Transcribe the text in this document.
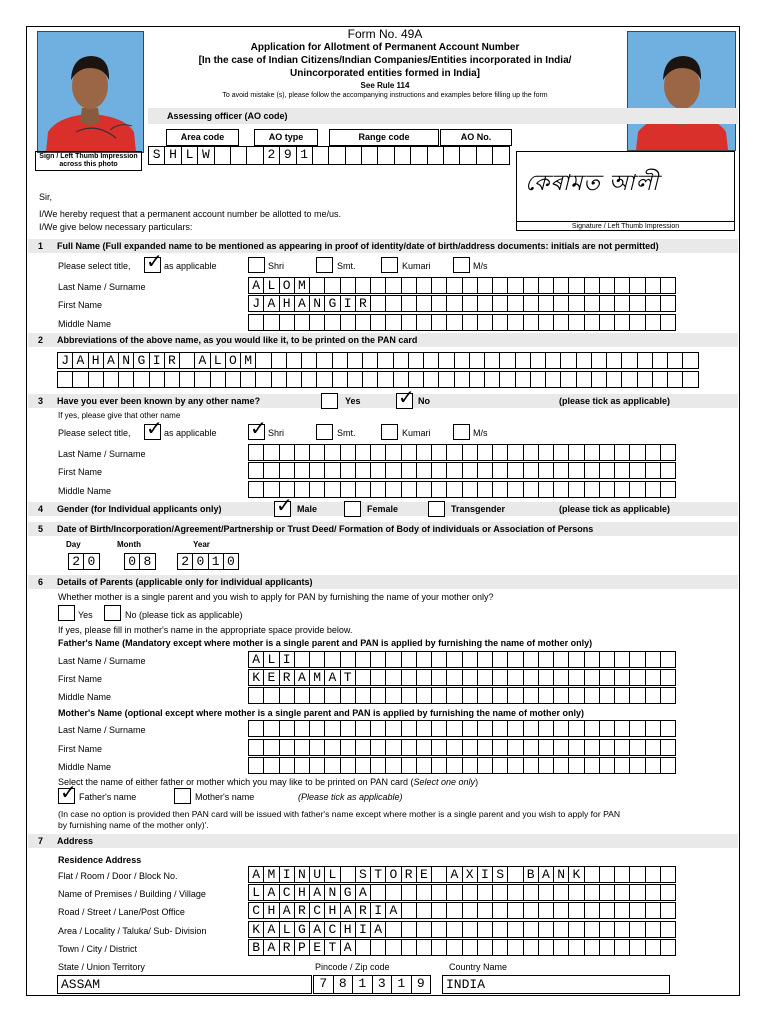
Sign / Left Thumb Impression across this photo
Form No. 49A
Application for Allotment of Permanent Account Number
[In the case of Indian Citizens/Indian Companies/Entities incorporated in India/
Unincorporated entities formed in India]
See Rule 114
To avoid mistake (s), please follow the accompanying instructions and examples before filling up the form
Assessing officer (AO code)
Area code	AO type	Range code	AO No.
S H L W	2 9 1
কেৰামত আলী
Signature / Left Thumb Impression
Sir,
I/We hereby request that a permanent account number be allotted to me/us.
I/We give below necessary particulars:
1 Full Name (Full expanded name to be mentioned as appearing in proof of identity/date of birth/address documents: initials are not permitted)
Please select title, ✓ as applicable	Shri	Smt.	Kumari	M/s
Last Name / Surname	A L O M
First Name	J A H A N G I R
Middle Name
2 Abbreviations of the above name, as you would like it, to be printed on the PAN card
J A H A N G I R	A L O M
3 Have you ever been known by any other name?	(please tick as applicable)
Yes ✓ No
If yes, please give that other name
Please select title, ✓ as applicable ✓ Shri	Smt.	Kumari	M/s
Last Name / Surname
First Name
Middle Name
4 Gender (for Individual applicants only)	(please tick as applicable)
✓ Male	Female	Transgender
5 Date of Birth/Incorporation/Agreement/Partnership or Trust Deed/ Formation of Body of individuals or Association of Persons
Day	Month	Year
2 0	0 8	2 0 1 0
6 Details of Parents (applicable only for individual applicants)
Whether mother is a single parent and you wish to apply for PAN by furnishing the name of your mother only?
Yes	No (please tick as applicable)
If yes, please fill in mother's name in the appropriate space provide below.
Father's Name (Mandatory except where mother is a single parent and PAN is applied by furnishing the name of mother only)
Last Name / Surname	A L I
First Name	K E R A M A T
Middle Name
Mother's Name (optional except where mother is a single parent and PAN is applied by furnishing the name of mother only)
Last Name / Surname
First Name
Middle Name
Select the name of either father or mother which you may like to be printed on PAN card (Select one only)
✓ Father's name	Mother's name	(Please tick as applicable)
(In case no option is provided then PAN card will be issued with father's name except where mother is a single parent and you wish to apply for PAN
by furnishing name of the mother only)'.
7 Address
Residence Address
Flat / Room / Door / Block No.	A M I N U L	S T O R E	A X I S	B A N K
Name of Premises / Building / Village	L A C H A N G A
Road / Street / Lane/Post Office	C H A R C H A R I A
Area / Locality / Taluka/ Sub- Division	K A L G A C H I A
Town / City / District	B A R P E T A
State / Union Territory	Pincode / Zip code	Country Name
ASSAM	7 8 1 3 1 9	INDIA
